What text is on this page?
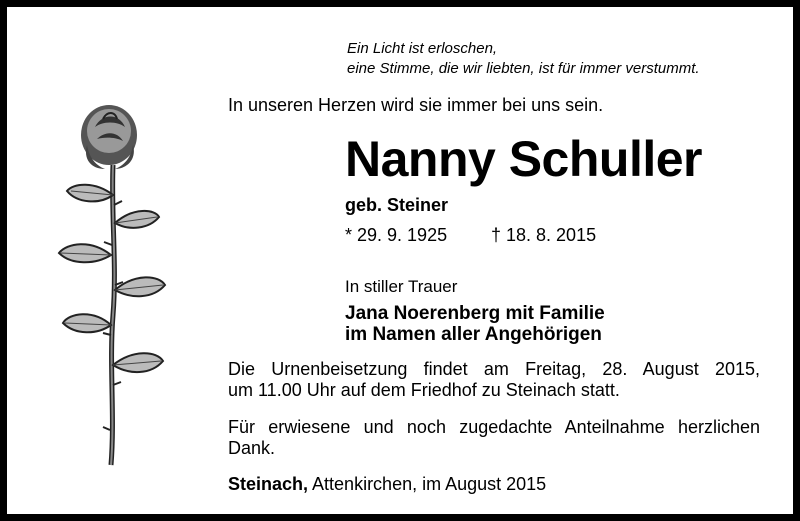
Ein Licht ist erloschen,
eine Stimme, die wir liebten, ist für immer verstummt.
In unseren Herzen wird sie immer bei uns sein.
Nanny Schuller
geb. Steiner
* 29. 9. 1925 † 18. 8. 2015
In stiller Trauer
Jana Noerenberg mit Familie
im Namen aller Angehörigen
Die Urnenbeisetzung findet am Freitag, 28. August 2015,
um 11.00 Uhr auf dem Friedhof zu Steinach statt.
Für erwiesene und noch zugedachte Anteilnahme herzlichen
Dank.
Steinach, Attenkirchen, im August 2015
